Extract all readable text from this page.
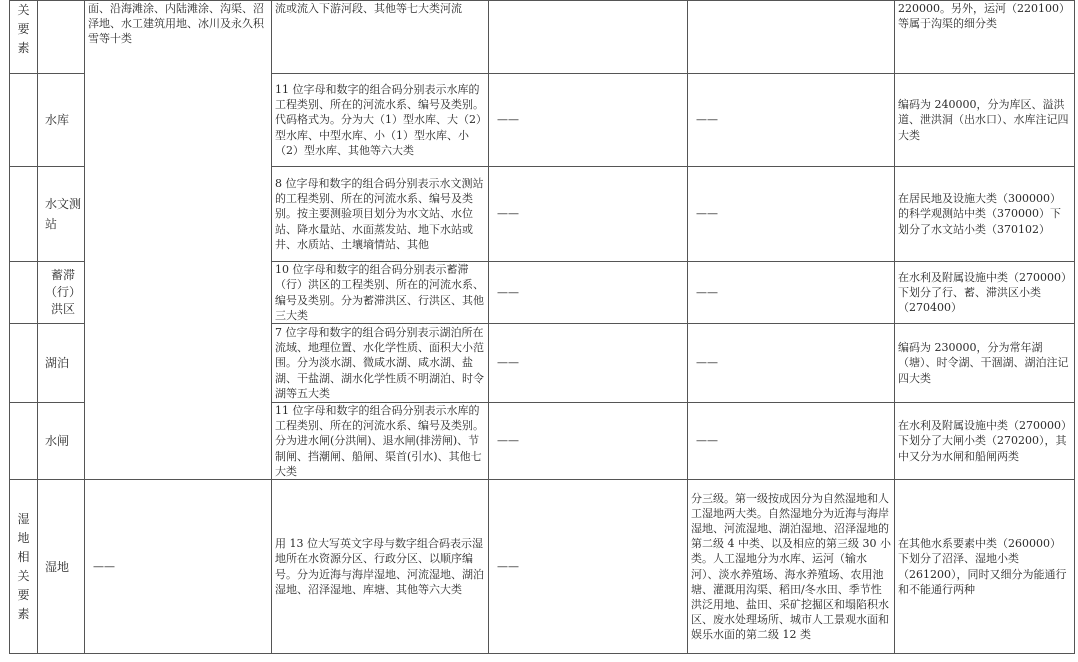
关要素		面、沿海滩涂、内陆滩涂、沟渠、沼泽地、水工建筑用地、冰川及永久积雪等十类	流或流入下游河段、其他等七大类河流			220000。另外，运河（220100）等属于沟渠的细分类
	水库		11 位字母和数字的组合码分别表示水库的工程类别、所在的河流水系、编号及类别。代码格式为。分为大（1）型水库、大（2）型水库、中型水库、小（1）型水库、小（2）型水库、其他等六大类	——	——	编码为 240000，分为库区、溢洪道、泄洪洞（出水口）、水库注记四大类
	水文测站		8 位字母和数字的组合码分别表示水文测站的工程类别、所在的河流水系、编号及类别。按主要测验项目划分为水文站、水位站、降水量站、水面蒸发站、地下水站或井、水质站、土壤墒情站、其他	——	——	在居民地及设施大类（300000）的科学观测站中类（370000）下划分了水文站小类（370102）
	蓄滞（行）洪区		10 位字母和数字的组合码分别表示蓄滞（行）洪区的工程类别、所在的河流水系、编号及类别。分为蓄滞洪区、行洪区、其他三大类	——	——	在水利及附属设施中类（270000）下划分了行、蓄、滞洪区小类（270400）
	湖泊		7 位字母和数字的组合码分别表示湖泊所在流域、地理位置、水化学性质、面积大小范围。分为淡水湖、微咸水湖、咸水湖、盐湖、干盐湖、湖水化学性质不明湖泊、时令湖等五大类	——	——	编码为 230000，分为常年湖（塘）、时令湖、干涸湖、湖泊注记四大类
	水闸		11 位字母和数字的组合码分别表示水库的工程类别、所在的河流水系、编号及类别。分为进水闸(分洪闸)、退水闸(排涝闸)、节制闸、挡潮闸、船闸、渠首(引水)、其他七大类	——	——	在水利及附属设施中类（270000）下划分了大闸小类（270200），其中又分为水闸和船闸两类
湿地相关要素	湿地	——	用 13 位大写英文字母与数字组合码表示湿地所在水资源分区、行政分区、以顺序编号。分为近海与海岸湿地、河流湿地、湖泊湿地、沼泽湿地、库塘、其他等六大类	——	分三级。第一级按成因分为自然湿地和人工湿地两大类。自然湿地分为近海与海岸湿地、河流湿地、湖泊湿地、沼泽湿地的第二级 4 中类、以及相应的第三级 30 小类。人工湿地分为水库、运河（输水河）、淡水养殖场、海水养殖场、农用池塘、灌溉用沟渠、稻田/冬水田、季节性洪泛用地、盐田、采矿挖掘区和塌陷积水区、废水处理场所、城市人工景观水面和娱乐水面的第二级 12 类	在其他水系要素中类（260000）下划分了沼泽、湿地小类（261200），同时又细分为能通行和不能通行两种
